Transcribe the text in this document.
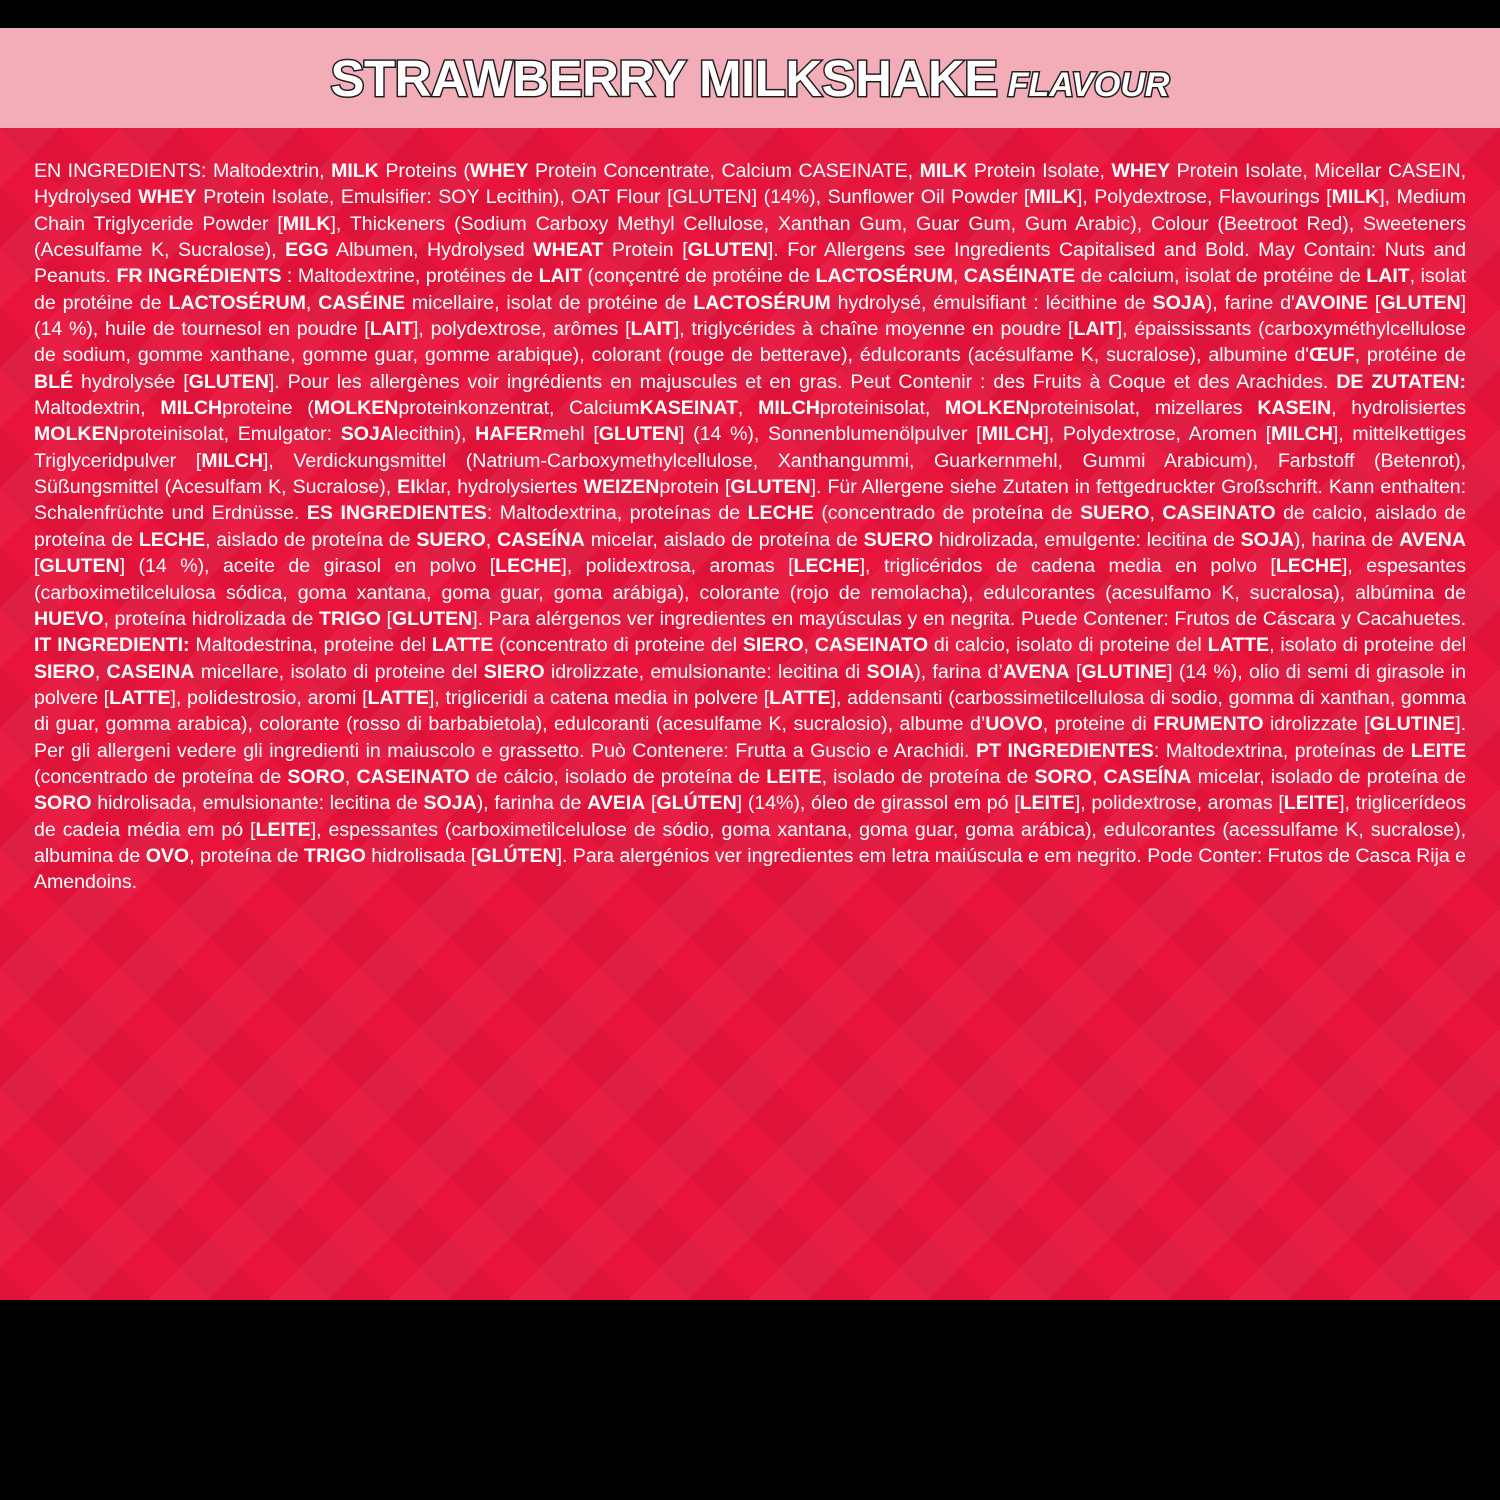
STRAWBERRY MILKSHAKE FLAVOUR
EN INGREDIENTS: Maltodextrin, MILK Proteins (WHEY Protein Concentrate, Calcium CASEINATE, MILK Protein Isolate, WHEY Protein Isolate, Micellar CASEIN, Hydrolysed WHEY Protein Isolate, Emulsifier: SOY Lecithin), OAT Flour [GLUTEN] (14%), Sunflower Oil Powder [MILK], Polydextrose, Flavourings [MILK], Medium Chain Triglyceride Powder [MILK], Thickeners (Sodium Carboxy Methyl Cellulose, Xanthan Gum, Guar Gum, Gum Arabic), Colour (Beetroot Red), Sweeteners (Acesulfame K, Sucralose), EGG Albumen, Hydrolysed WHEAT Protein [GLUTEN]. For Allergens see Ingredients Capitalised and Bold. May Contain: Nuts and Peanuts. FR INGRÉDIENTS : Maltodextrine, protéines de LAIT (conçentré de protéine de LACTOSÉRUM, CASÉINATE de calcium, isolat de protéine de LAIT, isolat de protéine de LACTOSÉRUM, CASÉINE micellaire, isolat de protéine de LACTOSÉRUM hydrolysé, émulsifiant : lécithine de SOJA), farine d'AVOINE [GLUTEN] (14 %), huile de tournesol en poudre [LAIT], polydextrose, arômes [LAIT], triglycérides à chaîne moyenne en poudre [LAIT], épaississants (carboxyméthylcellulose de sodium, gomme xanthane, gomme guar, gomme arabique), colorant (rouge de betterave), édulcorants (acésulfame K, sucralose), albumine d'ŒUF, protéine de BLÉ hydrolysée [GLUTEN]. Pour les allergènes voir ingrédients en majuscules et en gras. Peut Contenir : des Fruits à Coque et des Arachides. DE ZUTATEN: Maltodextrin, MILCHproteine (MOLKENproteinkonzentrat, CalciumKASEINAT, MILCHproteinisolat, MOLKENproteinisolat, mizellares KASEIN, hydrolisiertes MOLKENproteinisolat, Emulgator: SOJAlecithin), HAFERmehl [GLUTEN] (14 %), Sonnenblumenölpulver [MILCH], Polydextrose, Aromen [MILCH], mittelkettiges Triglyceridpulver [MILCH], Verdickungsmittel (Natrium-Carboxymethylcellulose, Xanthangummi, Guarkernmehl, Gummi Arabicum), Farbstoff (Betenrot), Süßungsmittel (Acesulfam K, Sucralose), EIklar, hydrolysiertes WEIZENprotein [GLUTEN]. Für Allergene siehe Zutaten in fettgedruckter Großschrift. Kann enthalten: Schalenfrüchte und Erdnüsse. ES INGREDIENTES: Maltodextrina, proteínas de LECHE (concentrado de proteína de SUERO, CASEINATO de calcio, aislado de proteína de LECHE, aislado de proteína de SUERO, CASEÍNA micelar, aislado de proteína de SUERO hidrolizada, emulgente: lecitina de SOJA), harina de AVENA [GLUTEN] (14 %), aceite de girasol en polvo [LECHE], polidextrosa, aromas [LECHE], triglicéridos de cadena media en polvo [LECHE], espesantes (carboximetilcelulosa sódica, goma xantana, goma guar, goma arábiga), colorante (rojo de remolacha), edulcorantes (acesulfamo K, sucralosa), albúmina de HUEVO, proteína hidrolizada de TRIGO [GLUTEN]. Para alérgenos ver ingredientes en mayúsculas y en negrita. Puede Contener: Frutos de Cáscara y Cacahuetes. IT INGREDIENTI: Maltodestrina, proteine del LATTE (concentrato di proteine del SIERO, CASEINATO di calcio, isolato di proteine del LATTE, isolato di proteine del SIERO, CASEINA micellare, isolato di proteine del SIERO idrolizzate, emulsionante: lecitina di SOIA), farina d’AVENA [GLUTINE] (14 %), olio di semi di girasole in polvere [LATTE], polidestrosio, aromi [LATTE], trigliceridi a catena media in polvere [LATTE], addensanti (carbossimetilcellulosa di sodio, gomma di xanthan, gomma di guar, gomma arabica), colorante (rosso di barbabietola), edulcoranti (acesulfame K, sucralosio), albume d’UOVO, proteine di FRUMENTO idrolizzate [GLUTINE]. Per gli allergeni vedere gli ingredienti in maiuscolo e grassetto. Può Contenere: Frutta a Guscio e Arachidi. PT INGREDIENTES: Maltodextrina, proteínas de LEITE (concentrado de proteína de SORO, CASEINATO de cálcio, isolado de proteína de LEITE, isolado de proteína de SORO, CASEÍNA micelar, isolado de proteína de SORO hidrolisada, emulsionante: lecitina de SOJA), farinha de AVEIA [GLÚTEN] (14%), óleo de girassol em pó [LEITE], polidextrose, aromas [LEITE], triglicerídeos de cadeia média em pó [LEITE], espessantes (carboximetilcelulose de sódio, goma xantana, goma guar, goma arábica), edulcorantes (acessulfame K, sucralose), albumina de OVO, proteína de TRIGO hidrolisada [GLÚTEN]. Para alergénios ver ingredientes em letra maiúscula e em negrito. Pode Conter: Frutos de Casca Rija e Amendoins.
